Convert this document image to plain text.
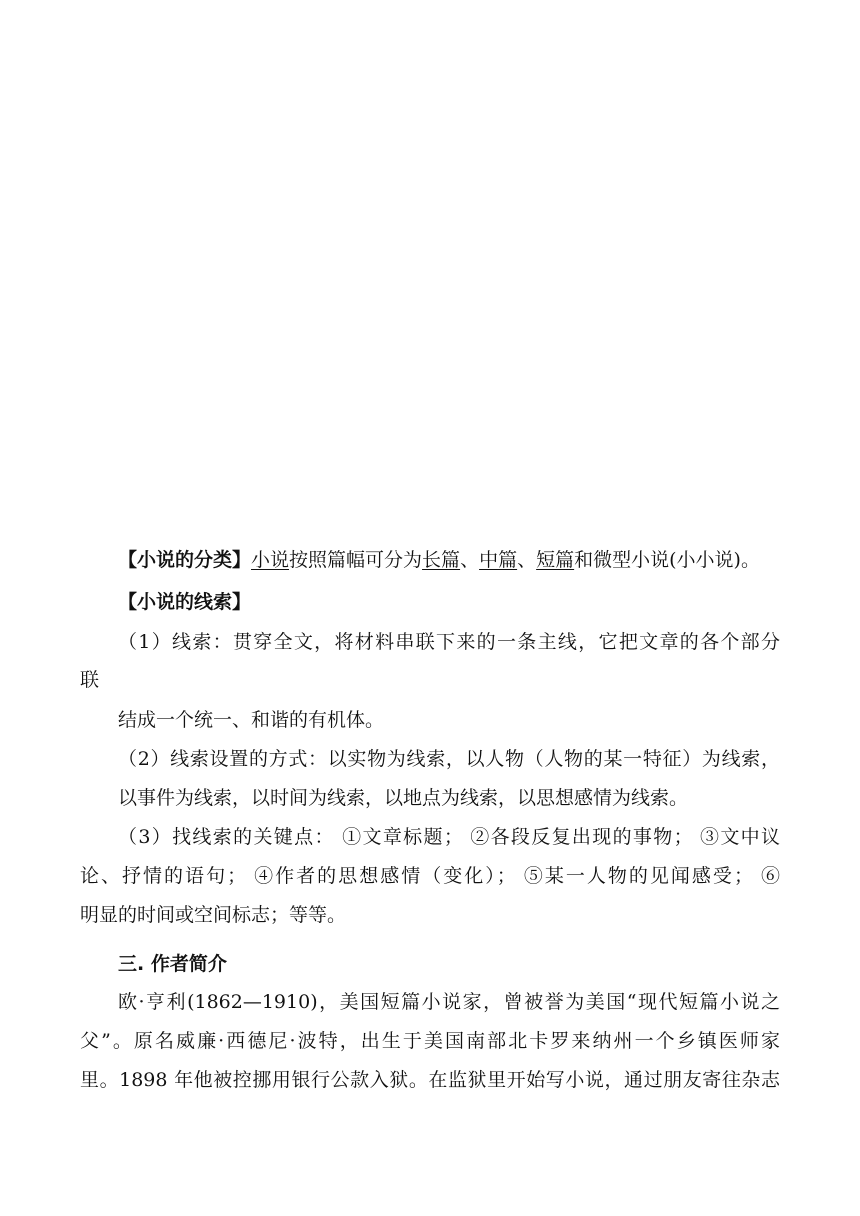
【小说的分类】小说按照篇幅可分为长篇、中篇、短篇和微型小说(小小说)。
【小说的线索】
（1）线索：贯穿全文，将材料串联下来的一条主线，它把文章的各个部分
联
结成一个统一、和谐的有机体。
（2）线索设置的方式：以实物为线索，以人物（人物的某一特征）为线索，
以事件为线索，以时间为线索，以地点为线索，以思想感情为线索。
（3）找线索的关键点： ①文章标题； ②各段反复出现的事物； ③文中议
论、抒情的语句； ④作者的思想感情（变化）； ⑤某一人物的见闻感受； ⑥
明显的时间或空间标志；等等。
三. 作者简介
欧·亨利(1862—1910)，美国短篇小说家，曾被誉为美国“现代短篇小说之
父”。原名威廉·西德尼·波特，出生于美国南部北卡罗来纳州一个乡镇医师家
里。1898 年他被控挪用银行公款入狱。在监狱里开始写小说，通过朋友寄往杂志
